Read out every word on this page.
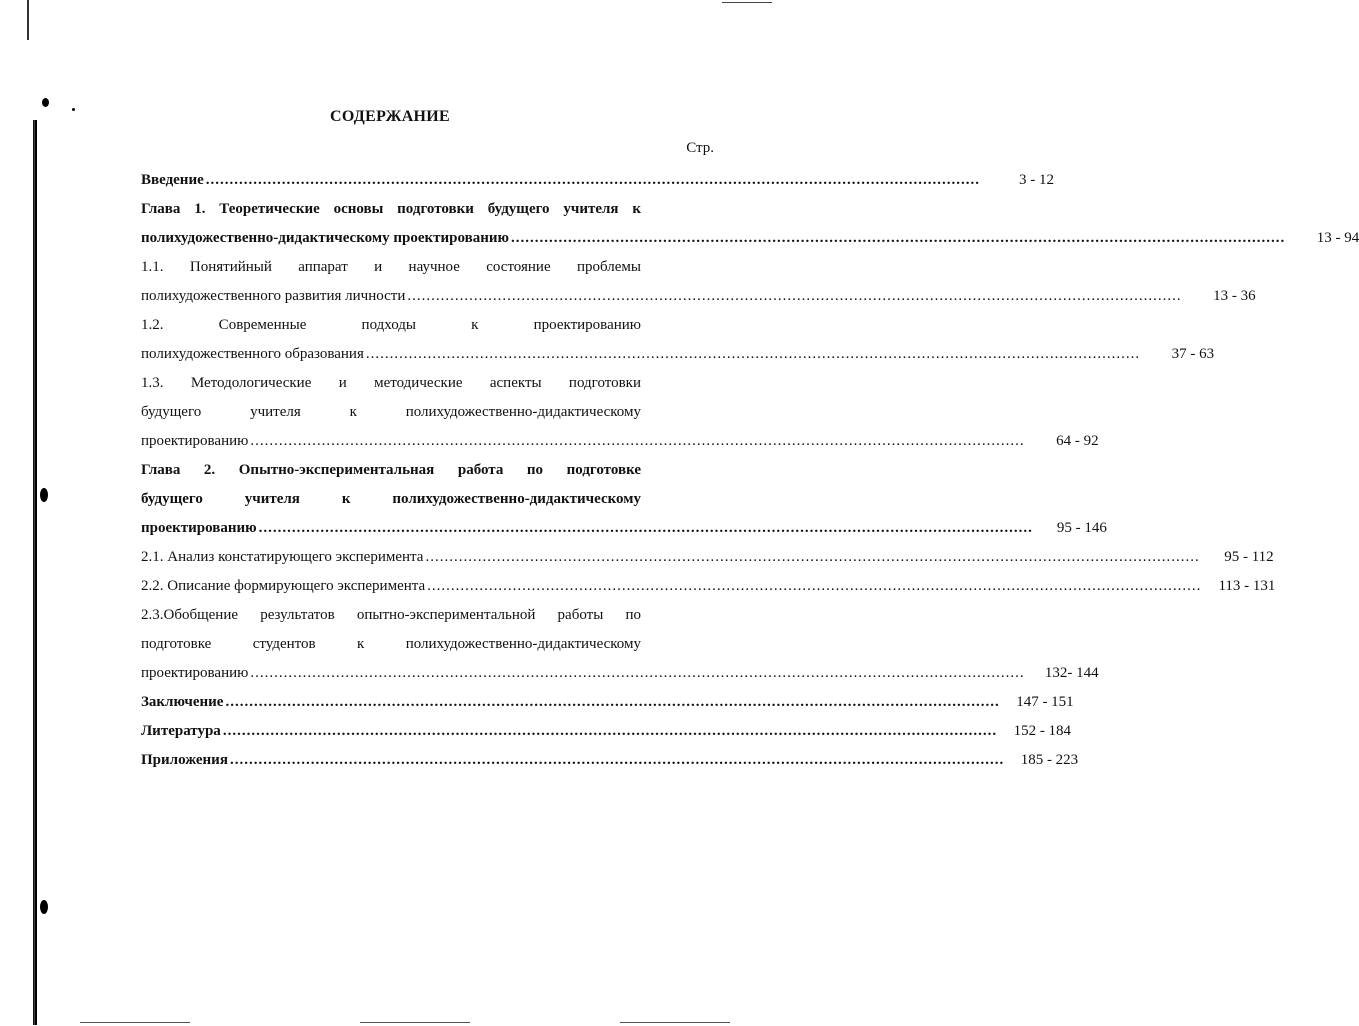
СОДЕРЖАНИЕ
Стр.
Введение ...................................................................................................................................................................	3 - 12
Глава 1. Теоретические основы подготовки будущего учителя к
полихудожественно-дидактическому проектированию ...................................................................................................................................................................	13 - 94
1.1. Понятийный аппарат и научное состояние проблемы
полихудожественного развития личности ...................................................................................................................................................................	13 - 36
1.2. Современные подходы к проектированию
полихудожественного образования ...................................................................................................................................................................	37 - 63
1.3. Методологические и методические аспекты подготовки
будущего учителя к полихудожественно-дидактическому
проектированию ...................................................................................................................................................................	64 - 92
Глава 2. Опытно-экспериментальная работа по подготовке
будущего учителя к полихудожественно-дидактическому
проектированию ...................................................................................................................................................................	95 - 146
2.1. Анализ констатирующего эксперимента ...................................................................................................................................................................	95 - 112
2.2. Описание формирующего эксперимента ...................................................................................................................................................................	113 - 131
2.3.Обобщение результатов опытно-экспериментальной работы по
подготовке студентов к полихудожественно-дидактическому
проектированию ...................................................................................................................................................................	132- 144
Заключение ...................................................................................................................................................................	147 - 151
Литература ...................................................................................................................................................................	152 - 184
Приложения ...................................................................................................................................................................	185 - 223
